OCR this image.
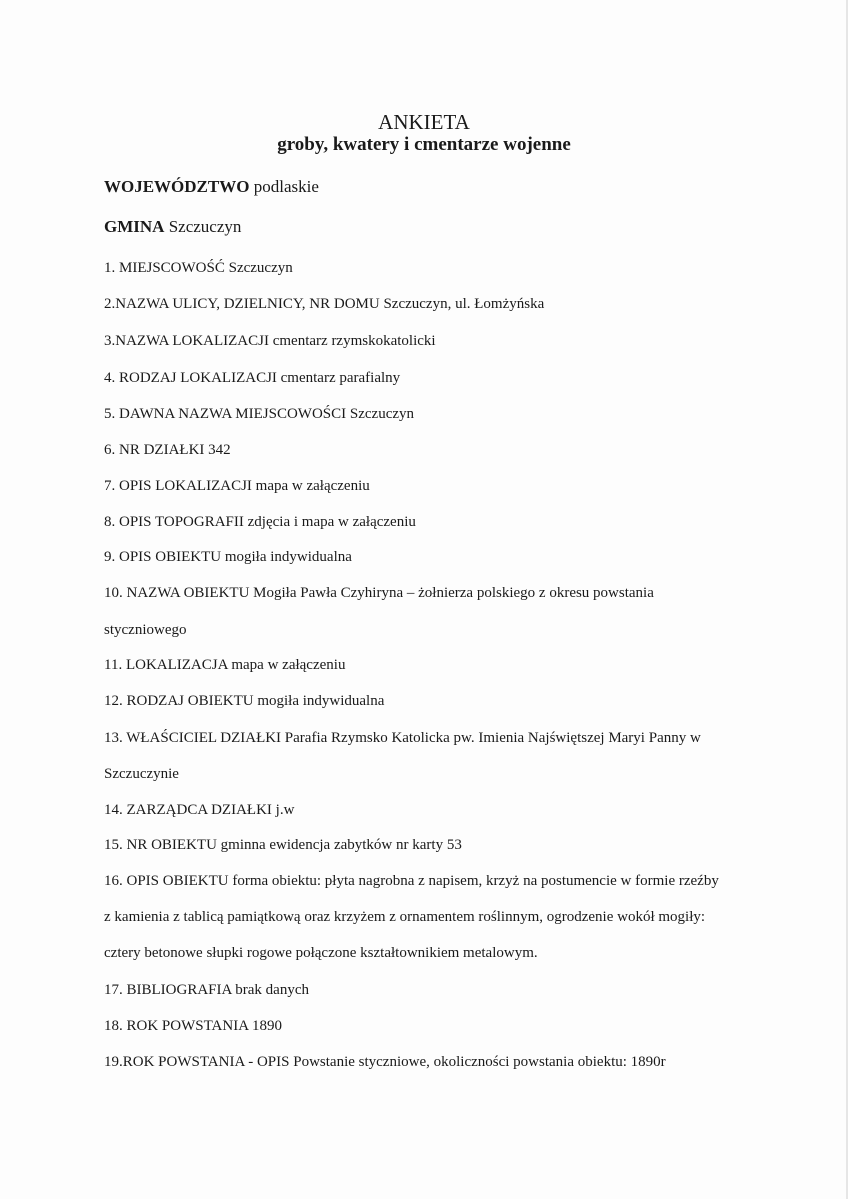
ANKIETA
groby, kwatery i cmentarze wojenne
WOJEWÓDZTWO podlaskie
GMINA Szczuczyn
1. MIEJSCOWOŚĆ Szczuczyn
2.NAZWA ULICY, DZIELNICY, NR DOMU Szczuczyn, ul. Łomżyńska
3.NAZWA LOKALIZACJI cmentarz rzymskokatolicki
4. RODZAJ LOKALIZACJI cmentarz parafialny
5. DAWNA NAZWA MIEJSCOWOŚCI Szczuczyn
6. NR DZIAŁKI 342
7. OPIS LOKALIZACJI mapa w załączeniu
8. OPIS TOPOGRAFII zdjęcia i mapa w załączeniu
9. OPIS OBIEKTU mogiła indywidualna
10. NAZWA OBIEKTU Mogiła Pawła Czyhiryna – żołnierza polskiego z okresu powstania
styczniowego
11. LOKALIZACJA mapa w załączeniu
12. RODZAJ OBIEKTU mogiła indywidualna
13. WŁAŚCICIEL DZIAŁKI Parafia Rzymsko Katolicka pw. Imienia Najświętszej Maryi Panny w
Szczuczynie
14. ZARZĄDCA DZIAŁKI j.w
15. NR OBIEKTU gminna ewidencja zabytków nr karty 53
16. OPIS OBIEKTU forma obiektu: płyta nagrobna z napisem, krzyż na postumencie w formie rzeźby
z kamienia z tablicą pamiątkową oraz krzyżem z ornamentem roślinnym, ogrodzenie wokół mogiły:
cztery betonowe słupki rogowe połączone kształtownikiem metalowym.
17. BIBLIOGRAFIA brak danych
18. ROK POWSTANIA 1890
19.ROK POWSTANIA - OPIS Powstanie styczniowe, okoliczności powstania obiektu: 1890r
